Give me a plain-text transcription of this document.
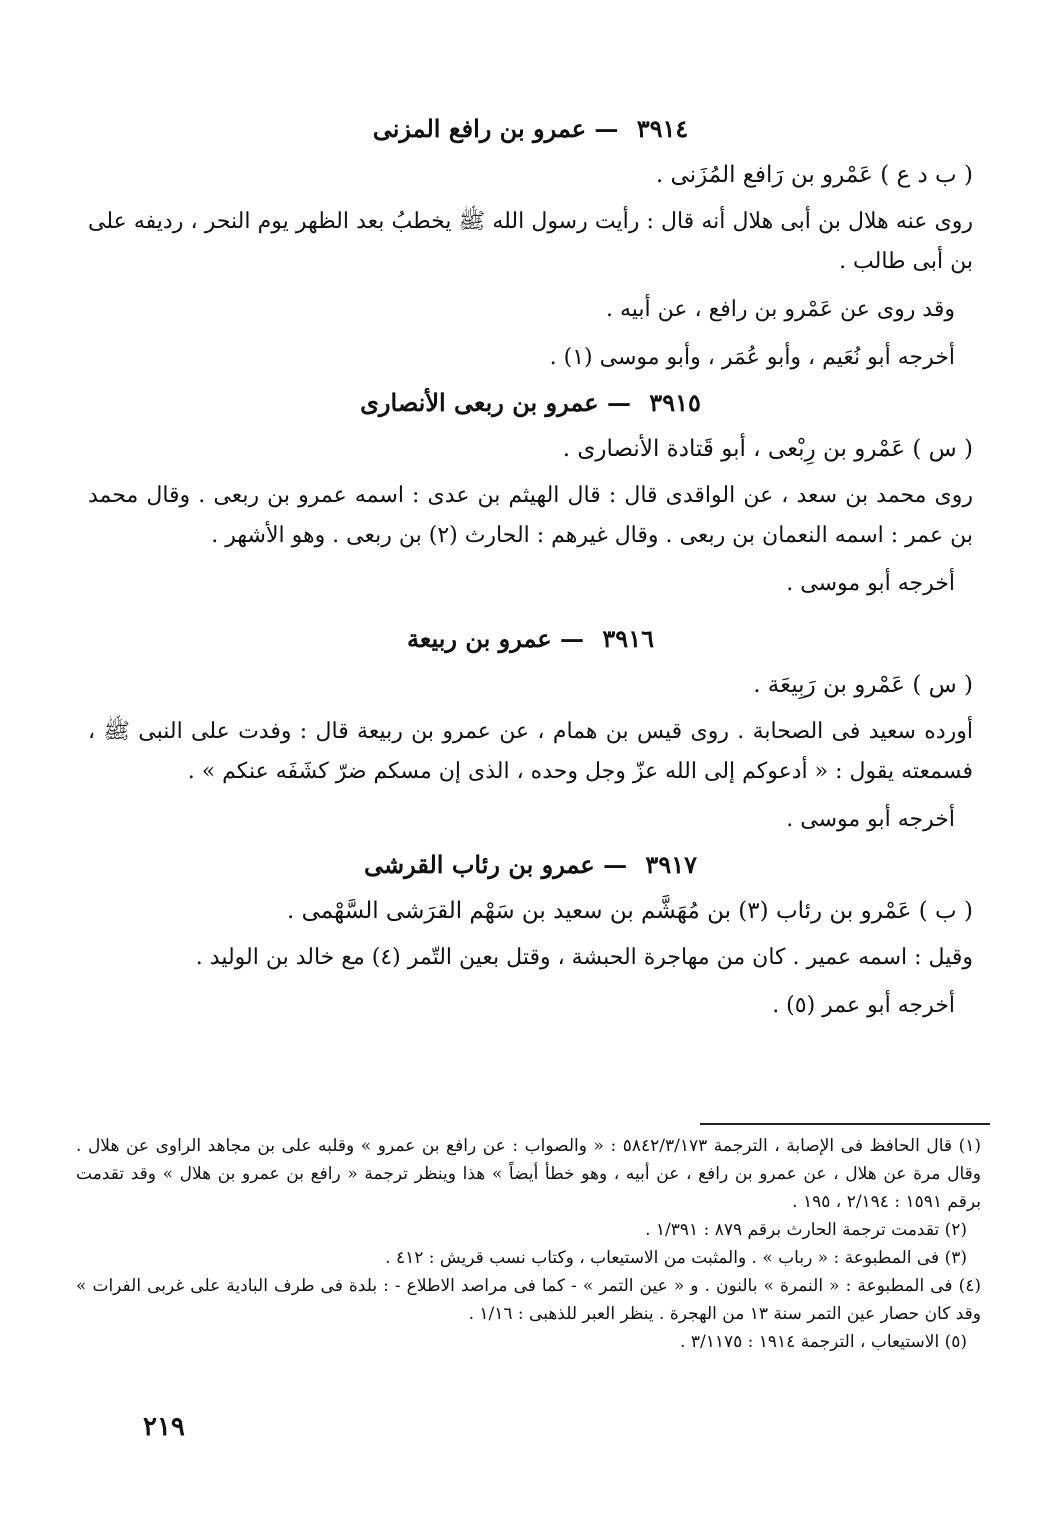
٣٩١٤ — عمرو بن رافع المزنى
( ب د ع ) عَمْرو بن رَافع المُزَنى .
روى عنه هلال بن أبى هلال أنه قال : رأيت رسول الله ﷺ يخطبُ بعد الظهر يوم النحر ، رديفه على بن أبى طالب .
وقد روى عن عَمْرو بن رافع ، عن أبيه .
أخرجه أبو نُعَيم ، وأبو عُمَر ، وأبو موسى (١) .
٣٩١٥ — عمرو بن ربعى الأنصارى
( س ) عَمْرو بن رِبْعى ، أبو قَتادة الأنصارى .
روى محمد بن سعد ، عن الواقدى قال : قال الهيثم بن عدى : اسمه عمرو بن ربعى . وقال محمد بن عمر : اسمه النعمان بن ربعى . وقال غيرهم : الحارث (٢) بن ربعى . وهو الأشهر .
أخرجه أبو موسى .
٣٩١٦ — عمرو بن ربيعة
( س ) عَمْرو بن رَبِيعَة .
أورده سعيد فى الصحابة . روى قيس بن همام ، عن عمرو بن ربيعة قال : وفدت على النبى ﷺ ، فسمعته يقول : « أدعوكم إلى الله عزّ وجل وحده ، الذى إن مسكم ضرّ كشَفَه عنكم » .
أخرجه أبو موسى .
٣٩١٧ — عمرو بن رئاب القرشى
( ب ) عَمْرو بن رئاب (٣) بن مُهَشَّم بن سعيد بن سَهْم القرَشى السَّهْمى .
وقيل : اسمه عمير . كان من مهاجرة الحبشة ، وقتل بعين التّمر (٤) مع خالد بن الوليد .
أخرجه أبو عمر (٥) .

(١) قال الحافظ فى الإصابة ، الترجمة ٥٨٤٢/٣/١٧٣ : « والصواب : عن رافع بن عمرو » وقلبه على بن مجاهد الراوى عن هلال . وقال مرة عن هلال ، عن عمرو بن رافع ، عن أبيه ، وهو خطأ أيضاً » هذا وينظر ترجمة « رافع بن عمرو بن هلال » وقد تقدمت برقم ١٥٩١ : ٢/١٩٤ ، ١٩٥ .

(٢) تقدمت ترجمة الحارث برقم ٨٧٩ : ١/٣٩١ .

(٣) فى المطبوعة : « رباب » . والمثبت من الاستيعاب ، وكتاب نسب قريش : ٤١٢ .

(٤) فى المطبوعة : « النمرة » بالنون . و « عين التمر » - كما فى مراصد الاطلاع - : بلدة فى طرف البادية على غربى الفرات » وقد كان حصار عين التمر سنة ١٣ من الهجرة . ينظر العبر للذهبى : ١/١٦ .

(٥) الاستيعاب ، الترجمة ١٩١٤ : ٣/١١٧٥ .

٢١٩
